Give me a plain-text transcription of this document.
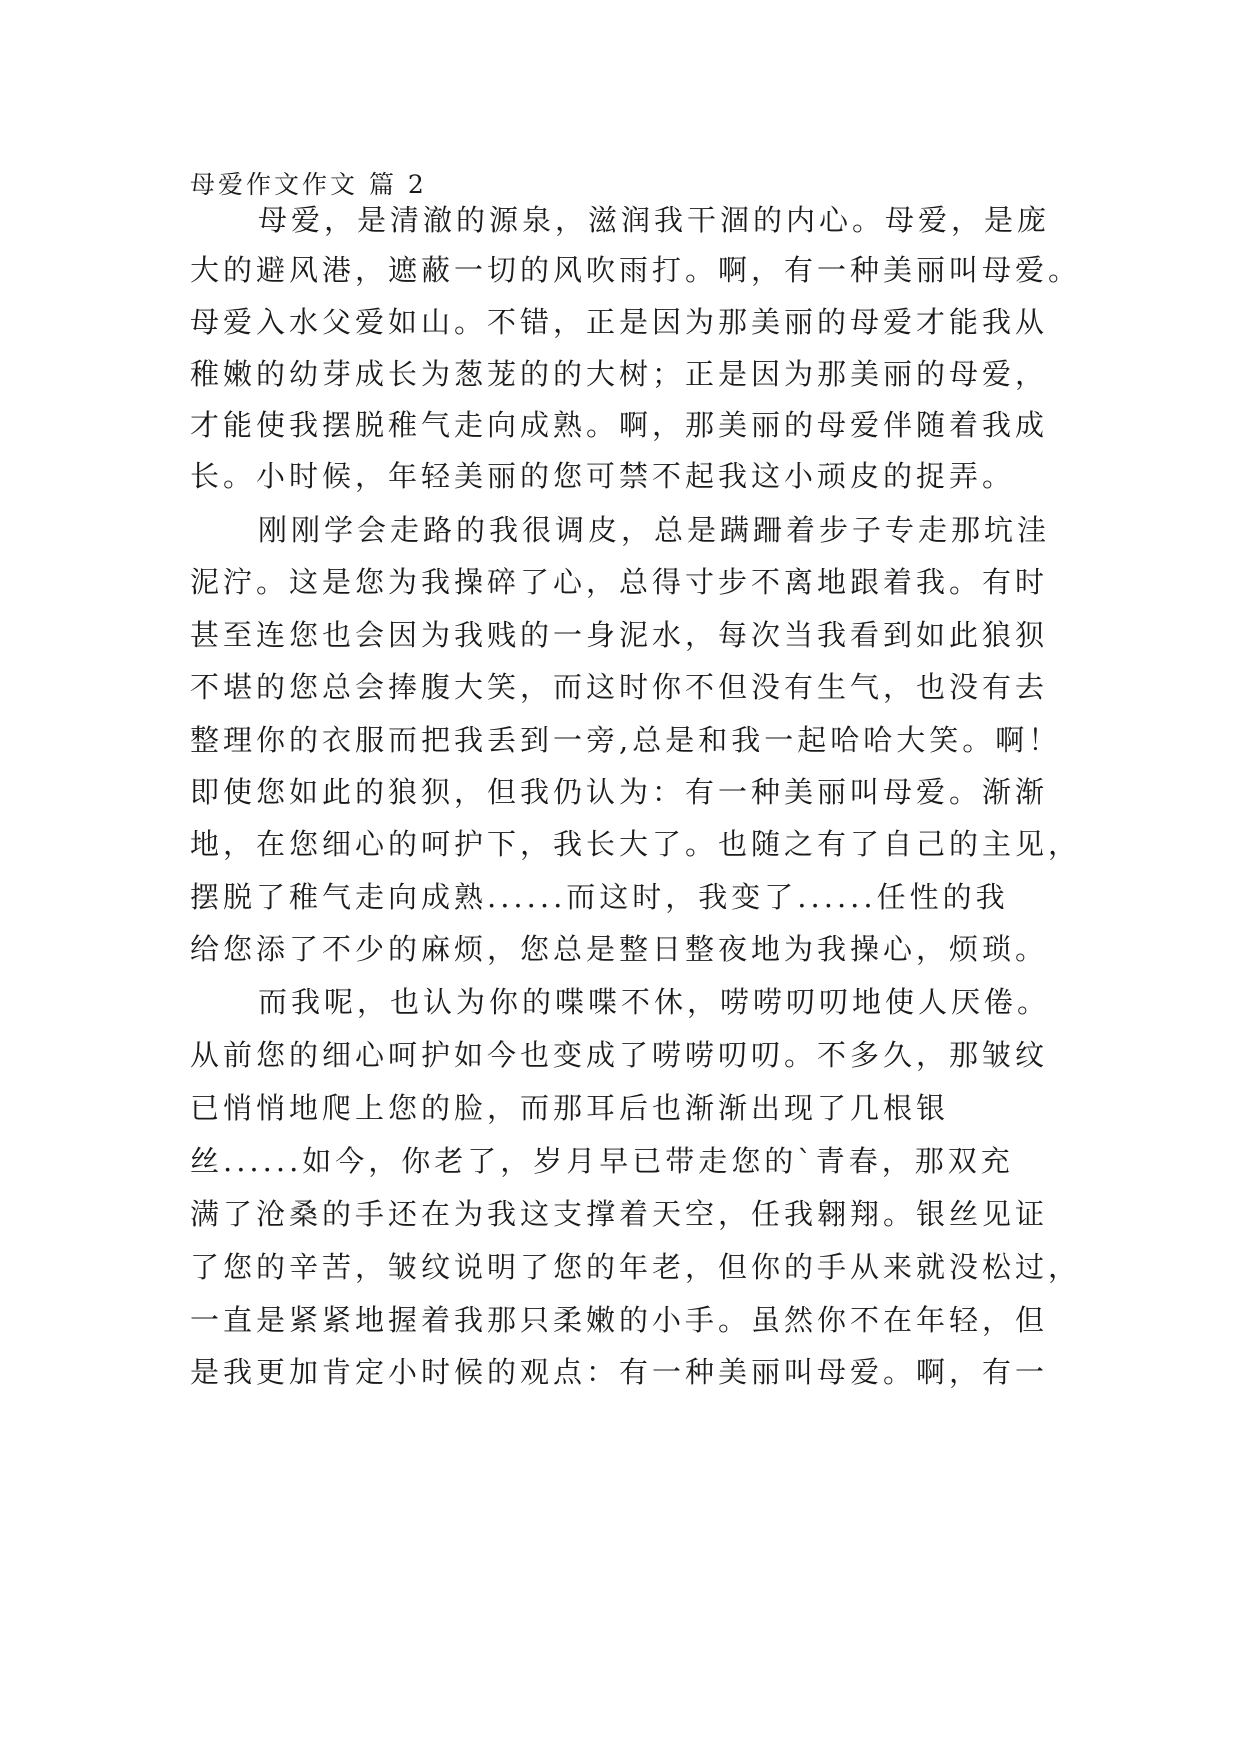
母爱作文作文 篇 2
母爱，是清澈的源泉，滋润我干涸的内心。母爱，是庞
大的避风港，遮蔽一切的风吹雨打。啊，有一种美丽叫母爱。
母爱入水父爱如山。不错，正是因为那美丽的母爱才能我从
稚嫩的幼芽成长为葱茏的的大树；正是因为那美丽的母爱，
才能使我摆脱稚气走向成熟。啊，那美丽的母爱伴随着我成
长。小时候，年轻美丽的您可禁不起我这小顽皮的捉弄。
刚刚学会走路的我很调皮，总是蹒跚着步子专走那坑洼
泥泞。这是您为我操碎了心，总得寸步不离地跟着我。有时
甚至连您也会因为我贱的一身泥水，每次当我看到如此狼狈
不堪的您总会捧腹大笑，而这时你不但没有生气，也没有去
整理你的衣服而把我丢到一旁,总是和我一起哈哈大笑。啊！
即使您如此的狼狈，但我仍认为：有一种美丽叫母爱。渐渐
地，在您细心的呵护下，我长大了。也随之有了自己的主见，
摆脱了稚气走向成熟......而这时，我变了......任性的我
给您添了不少的麻烦，您总是整日整夜地为我操心，烦琐。
而我呢，也认为你的喋喋不休，唠唠叨叨地使人厌倦。
从前您的细心呵护如今也变成了唠唠叨叨。不多久，那皱纹
已悄悄地爬上您的脸，而那耳后也渐渐出现了几根银
丝......如今，你老了，岁月早已带走您的`青春，那双充
满了沧桑的手还在为我这支撑着天空，任我翱翔。银丝见证
了您的辛苦，皱纹说明了您的年老，但你的手从来就没松过，
一直是紧紧地握着我那只柔嫩的小手。虽然你不在年轻，但
是我更加肯定小时候的观点：有一种美丽叫母爱。啊，有一
